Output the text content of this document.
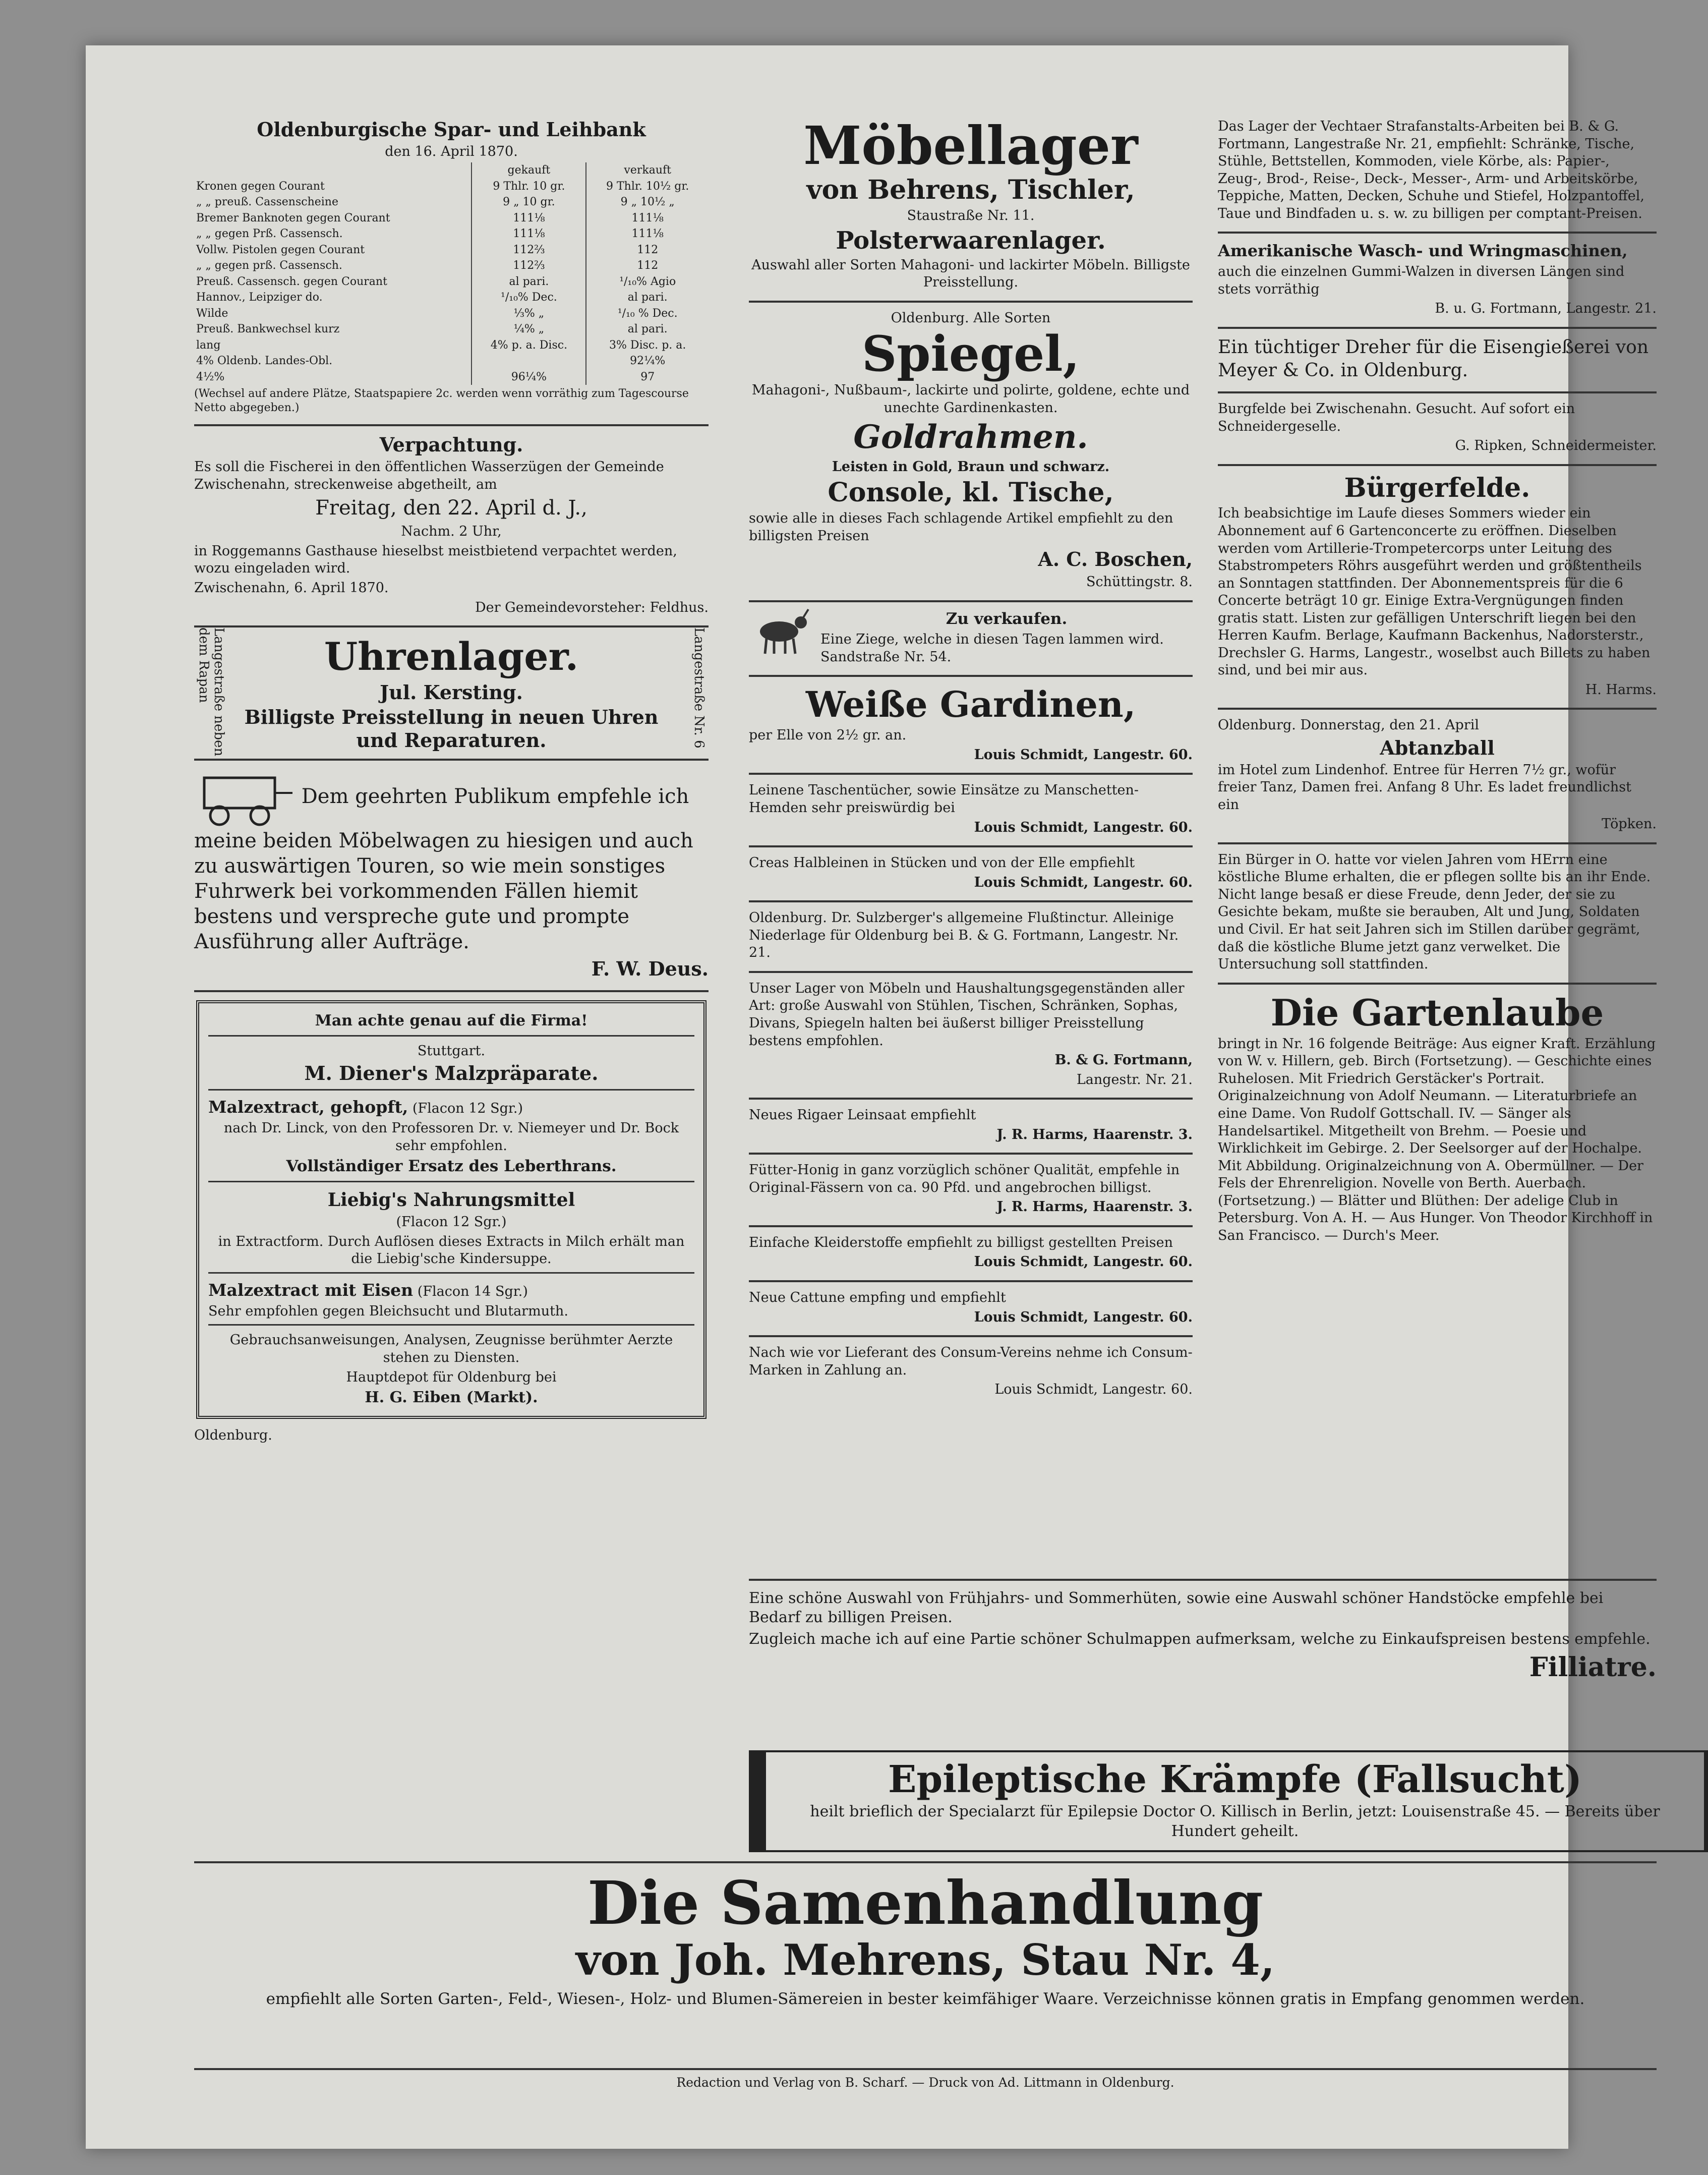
Oldenburgische Spar- und Leihbank

den 16. April 1870.

	gekauft	verkauft
Kronen gegen Courant	9 Thlr. 10 gr.	9 Thlr. 10½ gr.
„ „ preuß. Cassenscheine	9 „ 10 gr.	9 „ 10½ „
Bremer Banknoten gegen Courant	111⅛	111⅛
„ „ gegen Prß. Cassensch.	111⅛	111⅛
Vollw. Pistolen gegen Courant	112⅔	112
„ „ gegen prß. Cassensch.	112⅔	112
Preuß. Cassensch. gegen Courant	al pari.	¹/₁₀% Agio
Hannov., Leipziger do.	¹/₁₀% Dec.	al pari.
Wilde	⅓% „	¹/₁₀ % Dec.
Preuß. Bankwechsel kurz	¼% „	al pari.
lang	4% p. a. Disc.	3% Disc. p. a.
4% Oldenb. Landes-Obl.		92¼%
4½%	96¼%	97

(Wechsel auf andere Plätze, Staatspapiere 2c. werden wenn vorräthig zum Tagescourse Netto abgegeben.)

Verpachtung.

Es soll die Fischerei in den öffentlichen Wasserzügen der Gemeinde Zwischenahn, streckenweise abgetheilt, am

Freitag, den 22. April d. J.,

Nachm. 2 Uhr,

in Roggemanns Gasthause hieselbst meistbietend verpachtet werden, wozu eingeladen wird.

Zwischenahn, 6. April 1870.

Der Gemeindevorsteher: Feldhus.

Langestraße neben dem Rapan	Langestraße Nr. 6
Uhrenlager.
Jul. Kersting.
Billigste Preisstellung in neuen Uhren und Reparaturen.

Dem geehrten Publikum empfehle ich meine beiden Möbelwagen zu hiesigen und auch zu auswärtigen Touren, so wie mein sonstiges Fuhrwerk bei vorkommenden Fällen hiemit bestens und verspreche gute und prompte Ausführung aller Aufträge.

F. W. Deus.

Man achte genau auf die Firma!

Stuttgart.

M. Diener's Malzpräparate.

Malzextract, gehopft, (Flacon 12 Sgr.)

nach Dr. Linck, von den Professoren Dr. v. Niemeyer und Dr. Bock sehr empfohlen.

Vollständiger Ersatz des Leberthrans.

Liebig's Nahrungsmittel

(Flacon 12 Sgr.)

in Extractform. Durch Auflösen dieses Extracts in Milch erhält man die Liebig'sche Kindersuppe.

Malzextract mit Eisen (Flacon 14 Sgr.)

Sehr empfohlen gegen Bleichsucht und Blutarmuth.

Gebrauchsanweisungen, Analysen, Zeugnisse berühmter Aerzte stehen zu Diensten.

Hauptdepot für Oldenburg bei

H. G. Eiben (Markt).

Oldenburg.

Möbellager
von Behrens, Tischler,

Staustraße Nr. 11.

Polsterwaarenlager.

Auswahl aller Sorten Mahagoni- und lackirter Möbeln. Billigste Preisstellung.

Oldenburg. Alle Sorten

Spiegel,

Mahagoni-, Nußbaum-, lackirte und polirte, goldene, echte und unechte Gardinenkasten.

Goldrahmen.

Leisten in Gold, Braun und schwarz.

Console, kl. Tische,

sowie alle in dieses Fach schlagende Artikel empfiehlt zu den billigsten Preisen

A. C. Boschen,

Schüttingstr. 8.

Zu verkaufen.

Eine Ziege, welche in diesen Tagen lammen wird. Sandstraße Nr. 54.

Weiße Gardinen,

per Elle von 2½ gr. an.

Louis Schmidt, Langestr. 60.

Leinene Taschentücher, sowie Einsätze zu Manschetten-Hemden sehr preiswürdig bei

Louis Schmidt, Langestr. 60.

Creas Halbleinen in Stücken und von der Elle empfiehlt

Louis Schmidt, Langestr. 60.

Oldenburg. Dr. Sulzberger's allgemeine Flußtinctur. Alleinige Niederlage für Oldenburg bei B. & G. Fortmann, Langestr. Nr. 21.

Unser Lager von Möbeln und Haushaltungsgegenständen aller Art: große Auswahl von Stühlen, Tischen, Schränken, Sophas, Divans, Spiegeln halten bei äußerst billiger Preisstellung bestens empfohlen.

B. & G. Fortmann,

Langestr. Nr. 21.

Neues Rigaer Leinsaat empfiehlt

J. R. Harms, Haarenstr. 3.

Fütter-Honig in ganz vorzüglich schöner Qualität, empfehle in Original-Fässern von ca. 90 Pfd. und angebrochen billigst.

J. R. Harms, Haarenstr. 3.

Einfache Kleiderstoffe empfiehlt zu billigst gestellten Preisen

Louis Schmidt, Langestr. 60.

Neue Cattune empfing und empfiehlt

Louis Schmidt, Langestr. 60.

Nach wie vor Lieferant des Consum-Vereins nehme ich Consum-Marken in Zahlung an.

Louis Schmidt, Langestr. 60.

Das Lager der Vechtaer Strafanstalts-Arbeiten bei B. & G. Fortmann, Langestraße Nr. 21, empfiehlt: Schränke, Tische, Stühle, Bettstellen, Kommoden, viele Körbe, als: Papier-, Zeug-, Brod-, Reise-, Deck-, Messer-, Arm- und Arbeitskörbe, Teppiche, Matten, Decken, Schuhe und Stiefel, Holzpantoffel, Taue und Bindfaden u. s. w. zu billigen per comptant-Preisen.

Amerikanische Wasch- und Wringmaschinen,

auch die einzelnen Gummi-Walzen in diversen Längen sind stets vorräthig

B. u. G. Fortmann, Langestr. 21.

Ein tüchtiger Dreher für die Eisengießerei von Meyer & Co. in Oldenburg.

Burgfelde bei Zwischenahn. Gesucht. Auf sofort ein Schneidergeselle.

G. Ripken, Schneidermeister.

Bürgerfelde.

Ich beabsichtige im Laufe dieses Sommers wieder ein Abonnement auf 6 Gartenconcerte zu eröffnen. Dieselben werden vom Artillerie-Trompetercorps unter Leitung des Stabstrompeters Röhrs ausgeführt werden und größtentheils an Sonntagen stattfinden. Der Abonnementspreis für die 6 Concerte beträgt 10 gr. Einige Extra-Vergnügungen finden gratis statt. Listen zur gefälligen Unterschrift liegen bei den Herren Kaufm. Berlage, Kaufmann Backenhus, Nadorsterstr., Drechsler G. Harms, Langestr., woselbst auch Billets zu haben sind, und bei mir aus.

H. Harms.

Oldenburg. Donnerstag, den 21. April

Abtanzball

im Hotel zum Lindenhof. Entree für Herren 7½ gr., wofür freier Tanz, Damen frei. Anfang 8 Uhr. Es ladet freundlichst ein

Töpken.

Ein Bürger in O. hatte vor vielen Jahren vom HErrn eine köstliche Blume erhalten, die er pflegen sollte bis an ihr Ende. Nicht lange besaß er diese Freude, denn Jeder, der sie zu Gesichte bekam, mußte sie berauben, Alt und Jung, Soldaten und Civil. Er hat seit Jahren sich im Stillen darüber gegrämt, daß die köstliche Blume jetzt ganz verwelket. Die Untersuchung soll stattfinden.

Die Gartenlaube

bringt in Nr. 16 folgende Beiträge: Aus eigner Kraft. Erzählung von W. v. Hillern, geb. Birch (Fortsetzung). — Geschichte eines Ruhelosen. Mit Friedrich Gerstäcker's Portrait. Originalzeichnung von Adolf Neumann. — Literaturbriefe an eine Dame. Von Rudolf Gottschall. IV. — Sänger als Handelsartikel. Mitgetheilt von Brehm. — Poesie und Wirklichkeit im Gebirge. 2. Der Seelsorger auf der Hochalpe. Mit Abbildung. Originalzeichnung von A. Obermüllner. — Der Fels der Ehrenreligion. Novelle von Berth. Auerbach. (Fortsetzung.) — Blätter und Blüthen: Der adelige Club in Petersburg. Von A. H. — Aus Hunger. Von Theodor Kirchhoff in San Francisco. — Durch's Meer.

Eine schöne Auswahl von Frühjahrs- und Sommerhüten, sowie eine Auswahl schöner Handstöcke empfehle bei Bedarf zu billigen Preisen.

Zugleich mache ich auf eine Partie schöner Schulmappen aufmerksam, welche zu Einkaufspreisen bestens empfehle.

Filliatre.
Epileptische Krämpfe (Fallsucht)

heilt brieflich der Specialarzt für Epilepsie Doctor O. Killisch in Berlin, jetzt: Louisenstraße 45. — Bereits über Hundert geheilt.

Die Samenhandlung
von Joh. Mehrens, Stau Nr. 4,

empfiehlt alle Sorten Garten-, Feld-, Wiesen-, Holz- und Blumen-Sämereien in bester keimfähiger Waare. Verzeichnisse können gratis in Empfang genommen werden.

Redaction und Verlag von B. Scharf. — Druck von Ad. Littmann in Oldenburg.
